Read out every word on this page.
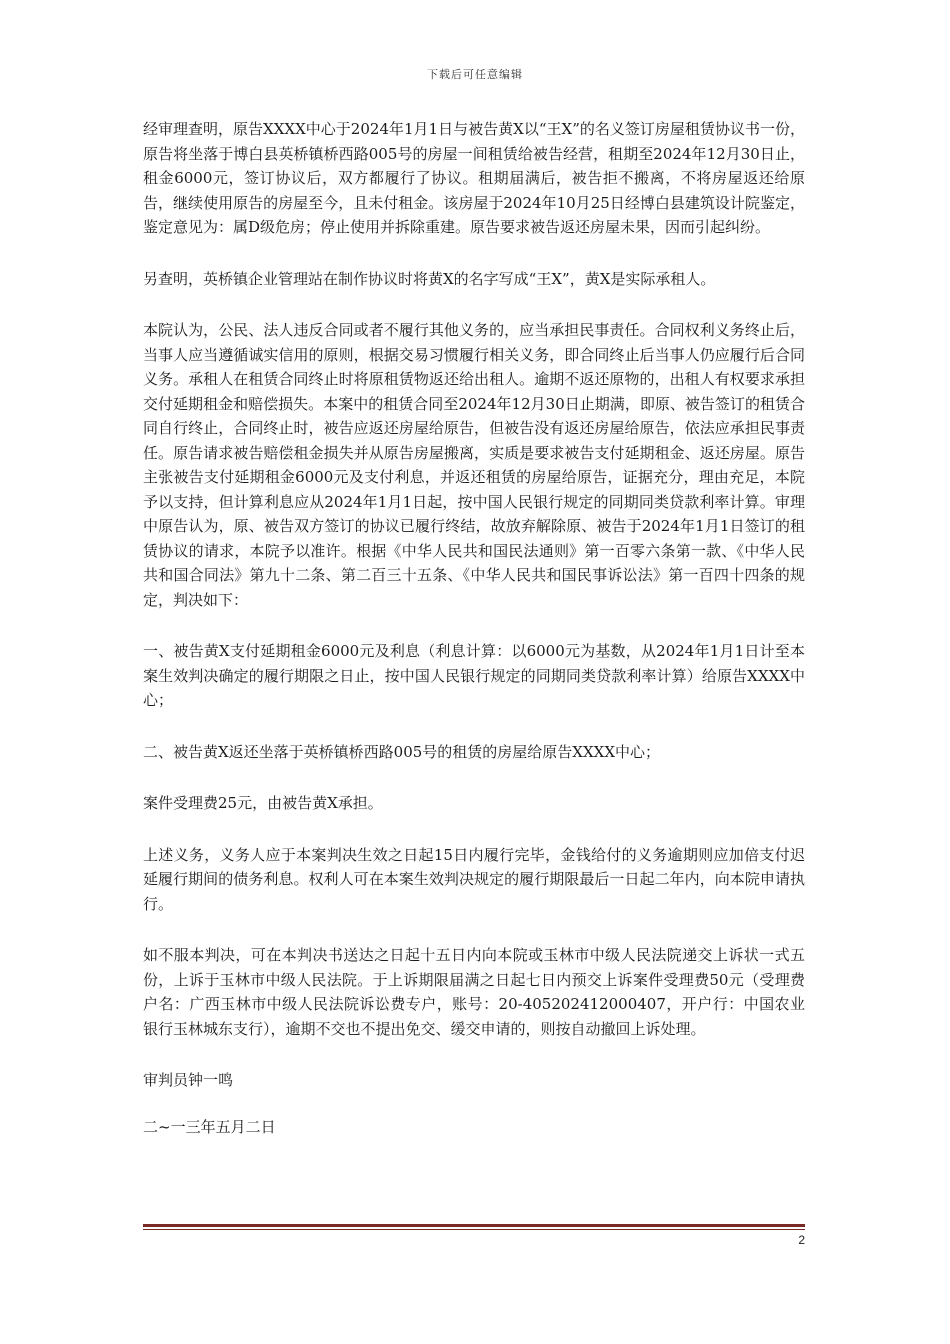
下载后可任意编辑

经审理查明，原告XXXX中心于2024年1月1日与被告黄X以“王X”的名义签订房屋租赁协议书一份，原告将坐落于博白县英桥镇桥西路005号的房屋一间租赁给被告经营，租期至2024年12月30日止，租金6000元，签订协议后，双方都履行了协议。租期届满后，被告拒不搬离，不将房屋返还给原告，继续使用原告的房屋至今，且未付租金。该房屋于2024年10月25日经博白县建筑设计院鉴定，鉴定意见为：属D级危房；停止使用并拆除重建。原告要求被告返还房屋未果，因而引起纠纷。

另查明，英桥镇企业管理站在制作协议时将黄X的名字写成“王X”，黄X是实际承租人。

本院认为，公民、法人违反合同或者不履行其他义务的，应当承担民事责任。合同权利义务终止后，当事人应当遵循诚实信用的原则，根据交易习惯履行相关义务，即合同终止后当事人仍应履行后合同义务。承租人在租赁合同终止时将原租赁物返还给出租人。逾期不返还原物的，出租人有权要求承担交付延期租金和赔偿损失。本案中的租赁合同至2024年12月30日止期满，即原、被告签订的租赁合同自行终止，合同终止时，被告应返还房屋给原告，但被告没有返还房屋给原告，依法应承担民事责任。原告请求被告赔偿租金损失并从原告房屋搬离，实质是要求被告支付延期租金、返还房屋。原告主张被告支付延期租金6000元及支付利息，并返还租赁的房屋给原告，证据充分，理由充足，本院予以支持，但计算利息应从2024年1月1日起，按中国人民银行规定的同期同类贷款利率计算。审理中原告认为，原、被告双方签订的协议已履行终结，故放弃解除原、被告于2024年1月1日签订的租赁协议的请求，本院予以准许。根据《中华人民共和国民法通则》第一百零六条第一款、《中华人民共和国合同法》第九十二条、第二百三十五条、《中华人民共和国民事诉讼法》第一百四十四条的规定，判决如下：

一、被告黄X支付延期租金6000元及利息（利息计算：以6000元为基数，从2024年1月1日计至本案生效判决确定的履行期限之日止，按中国人民银行规定的同期同类贷款利率计算）给原告XXXX中心；

二、被告黄X返还坐落于英桥镇桥西路005号的租赁的房屋给原告XXXX中心；

案件受理费25元，由被告黄X承担。

上述义务，义务人应于本案判决生效之日起15日内履行完毕，金钱给付的义务逾期则应加倍支付迟延履行期间的债务利息。权利人可在本案生效判决规定的履行期限最后一日起二年内，向本院申请执行。

如不服本判决，可在本判决书送达之日起十五日内向本院或玉林市中级人民法院递交上诉状一式五份，上诉于玉林市中级人民法院。于上诉期限届满之日起七日内预交上诉案件受理费50元（受理费户名：广西玉林市中级人民法院诉讼费专户，账号：20-405202412000407，开户行：中国农业银行玉林城东支行），逾期不交也不提出免交、缓交申请的，则按自动撤回上诉处理。

审判员钟一鸣

二~一三年五月二日

2
